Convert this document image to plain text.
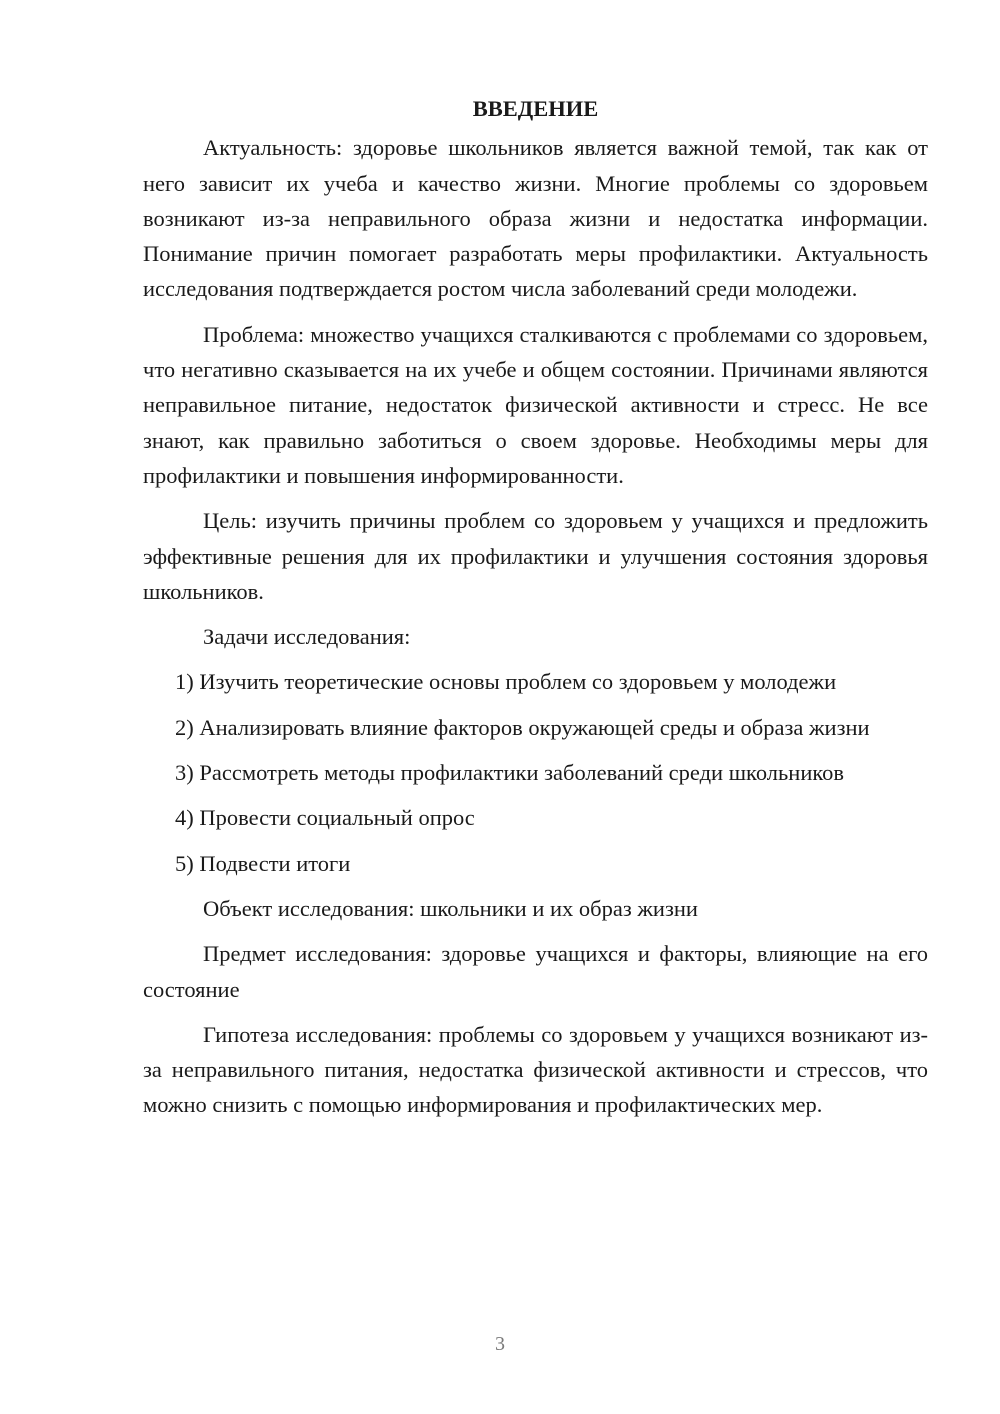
ВВЕДЕНИЕ

Актуальность: здоровье школьников является важной темой, так как от него зависит их учеба и качество жизни. Многие проблемы со здоровьем возникают из-за неправильного образа жизни и недостатка информации. Понимание причин помогает разработать меры профилактики. Актуальность исследования подтверждается ростом числа заболеваний среди молодежи.

Проблема: множество учащихся сталкиваются с проблемами со здоровьем, что негативно сказывается на их учебе и общем состоянии. Причинами являются неправильное питание, недостаток физической активности и стресс. Не все знают, как правильно заботиться о своем здоровье. Необходимы меры для профилактики и повышения информированности.

Цель: изучить причины проблем со здоровьем у учащихся и предложить эффективные решения для их профилактики и улучшения состояния здоровья школьников.

Задачи исследования:

1) Изучить теоретические основы проблем со здоровьем у молодежи

2) Анализировать влияние факторов окружающей среды и образа жизни

3) Рассмотреть методы профилактики заболеваний среди школьников

4) Провести социальный опрос

5) Подвести итоги

Объект исследования: школьники и их образ жизни

Предмет исследования: здоровье учащихся и факторы, влияющие на его состояние

Гипотеза исследования: проблемы со здоровьем у учащихся возникают из-за неправильного питания, недостатка физической активности и стрессов, что можно снизить с помощью информирования и профилактических мер.

3
